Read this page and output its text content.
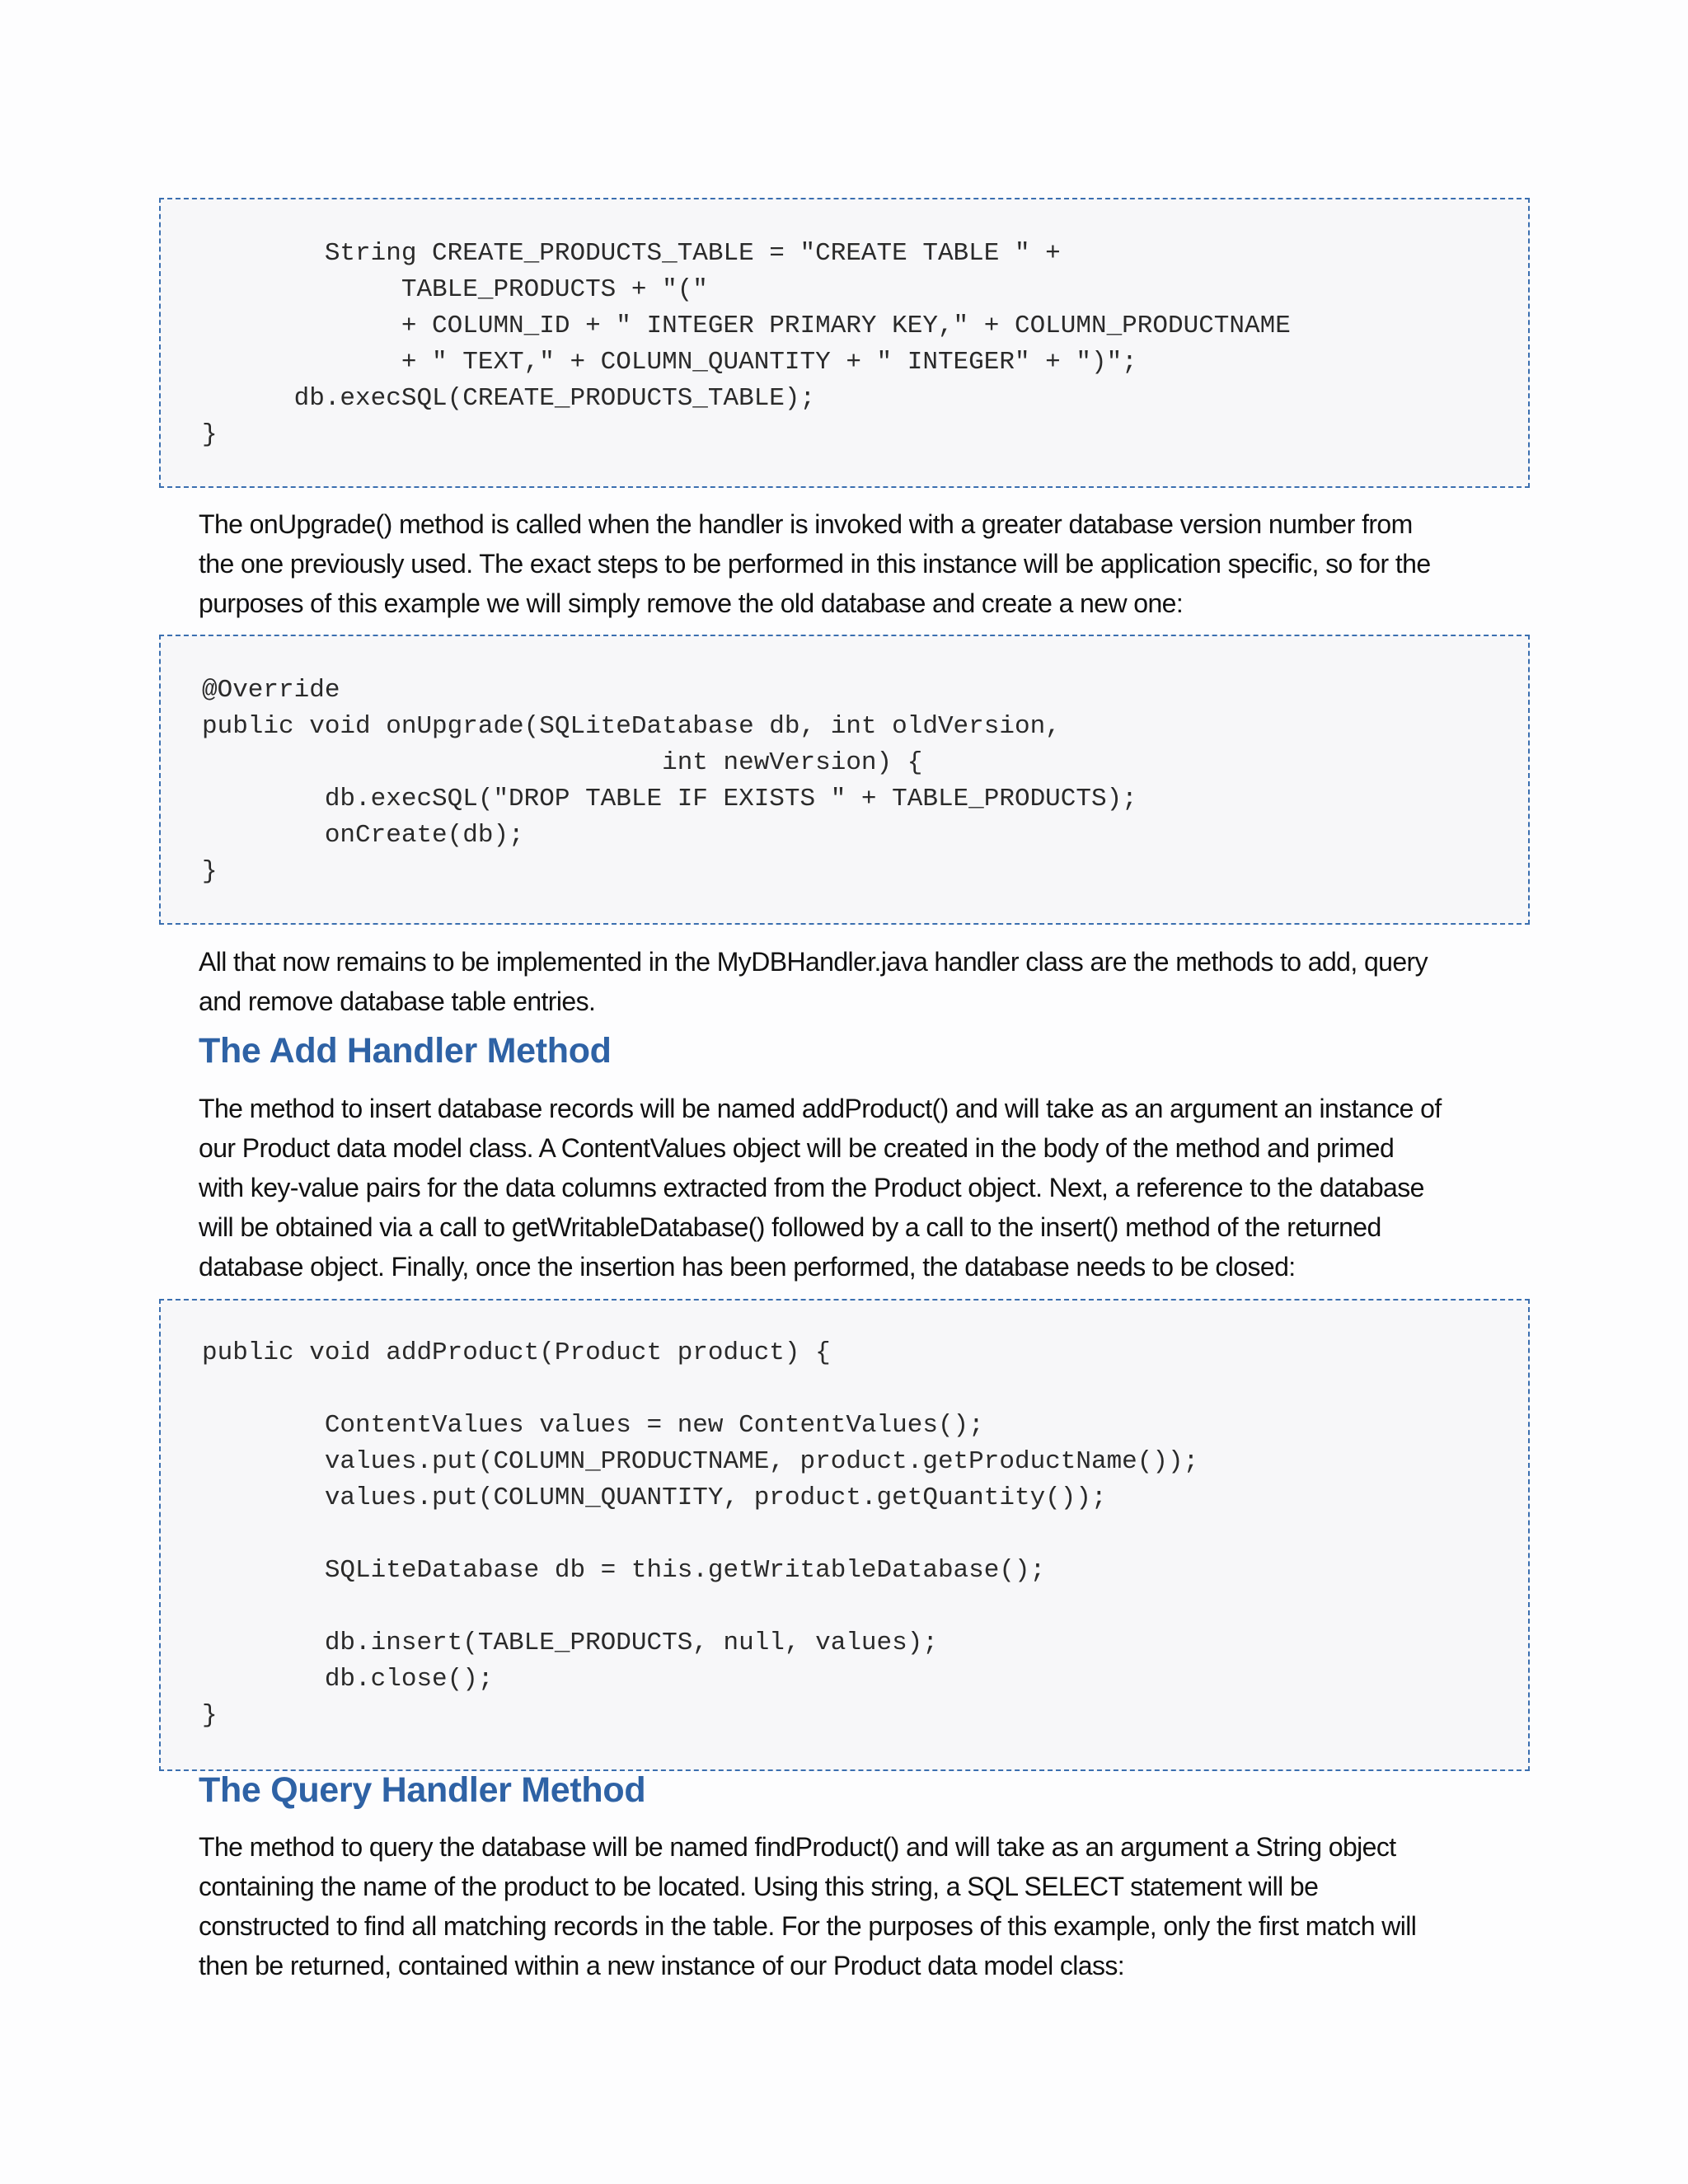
String CREATE_PRODUCTS_TABLE = "CREATE TABLE " +
TABLE_PRODUCTS + "("
+ COLUMN_ID + " INTEGER PRIMARY KEY," + COLUMN_PRODUCTNAME
+ " TEXT," + COLUMN_QUANTITY + " INTEGER" + ")";
db.execSQL(CREATE_PRODUCTS_TABLE);
}

The onUpgrade() method is called when the handler is invoked with a greater database version number from
the one previously used. The exact steps to be performed in this instance will be application specific, so for the
purposes of this example we will simply remove the old database and create a new one:

@Override
public void onUpgrade(SQLiteDatabase db, int oldVersion,
int newVersion) {
db.execSQL("DROP TABLE IF EXISTS " + TABLE_PRODUCTS);
onCreate(db);
}

All that now remains to be implemented in the MyDBHandler.java handler class are the methods to add, query
and remove database table entries.

The Add Handler Method

The method to insert database records will be named addProduct() and will take as an argument an instance of
our Product data model class. A ContentValues object will be created in the body of the method and primed
with key-value pairs for the data columns extracted from the Product object. Next, a reference to the database
will be obtained via a call to getWritableDatabase() followed by a call to the insert() method of the returned
database object. Finally, once the insertion has been performed, the database needs to be closed:

public void addProduct(Product product) {

ContentValues values = new ContentValues();
values.put(COLUMN_PRODUCTNAME, product.getProductName());
values.put(COLUMN_QUANTITY, product.getQuantity());

SQLiteDatabase db = this.getWritableDatabase();

db.insert(TABLE_PRODUCTS, null, values);
db.close();
}
The Query Handler Method

The method to query the database will be named findProduct() and will take as an argument a String object
containing the name of the product to be located. Using this string, a SQL SELECT statement will be
constructed to find all matching records in the table. For the purposes of this example, only the first match will
then be returned, contained within a new instance of our Product data model class:
